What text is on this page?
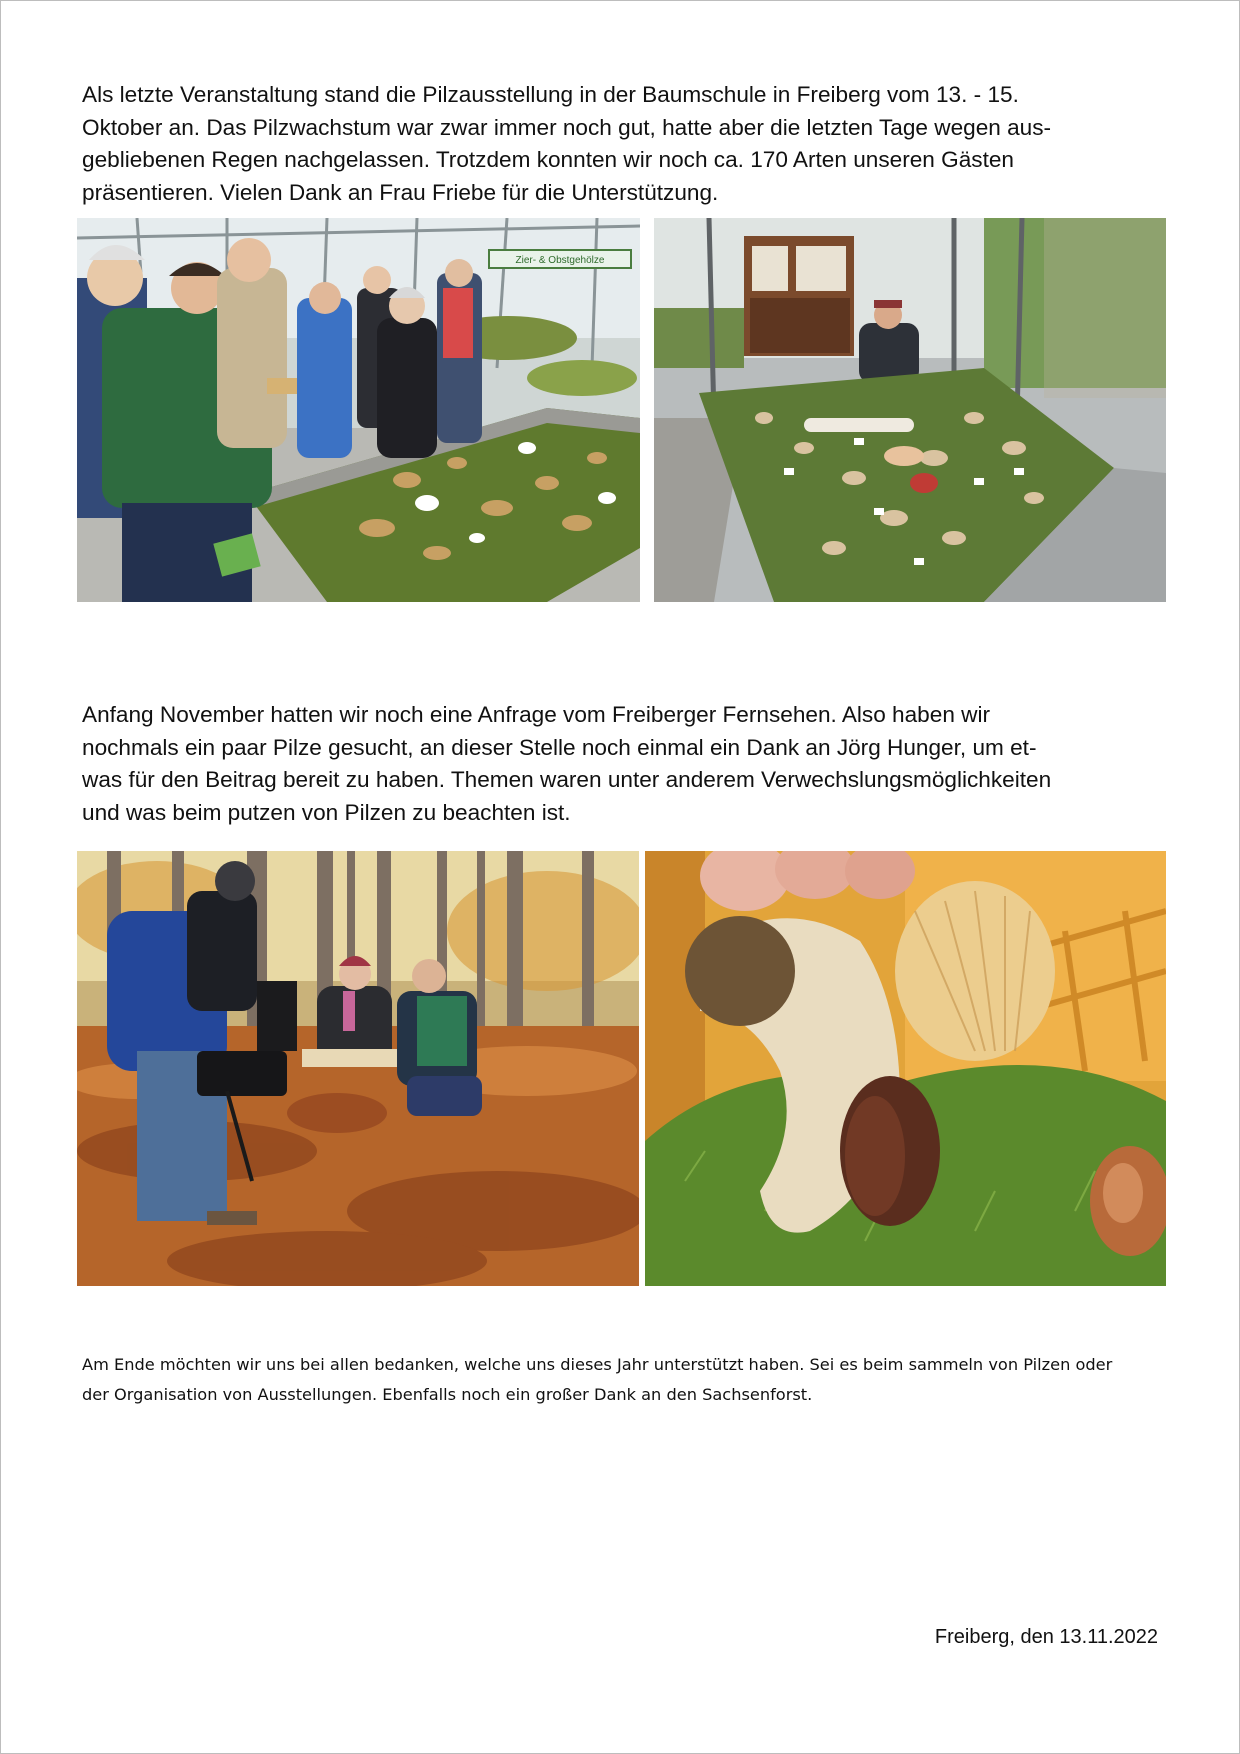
Als letzte Veranstaltung stand die Pilzausstellung in der Baumschule in Freiberg vom 13. - 15.
Oktober an. Das Pilzwachstum war zwar immer noch gut, hatte aber die letzten Tage wegen aus-
gebliebenen Regen nachgelassen. Trotzdem konnten wir noch ca. 170 Arten unseren Gästen
präsentieren. Vielen Dank an Frau Friebe für die Unterstützung.
Zier- & Obstgehölze
Anfang November hatten wir noch eine Anfrage vom Freiberger Fernsehen. Also haben wir
nochmals ein paar Pilze gesucht, an dieser Stelle noch einmal ein Dank an Jörg Hunger, um et-
was für den Beitrag bereit zu haben. Themen waren unter anderem Verwechslungsmöglichkeiten
und was beim putzen von Pilzen zu beachten ist.
Am Ende möchten wir uns bei allen bedanken, welche uns dieses Jahr unterstützt haben. Sei es beim sammeln von Pilzen oder
der Organisation von Ausstellungen. Ebenfalls noch ein großer Dank an den Sachsenforst.
Freiberg, den 13.11.2022
